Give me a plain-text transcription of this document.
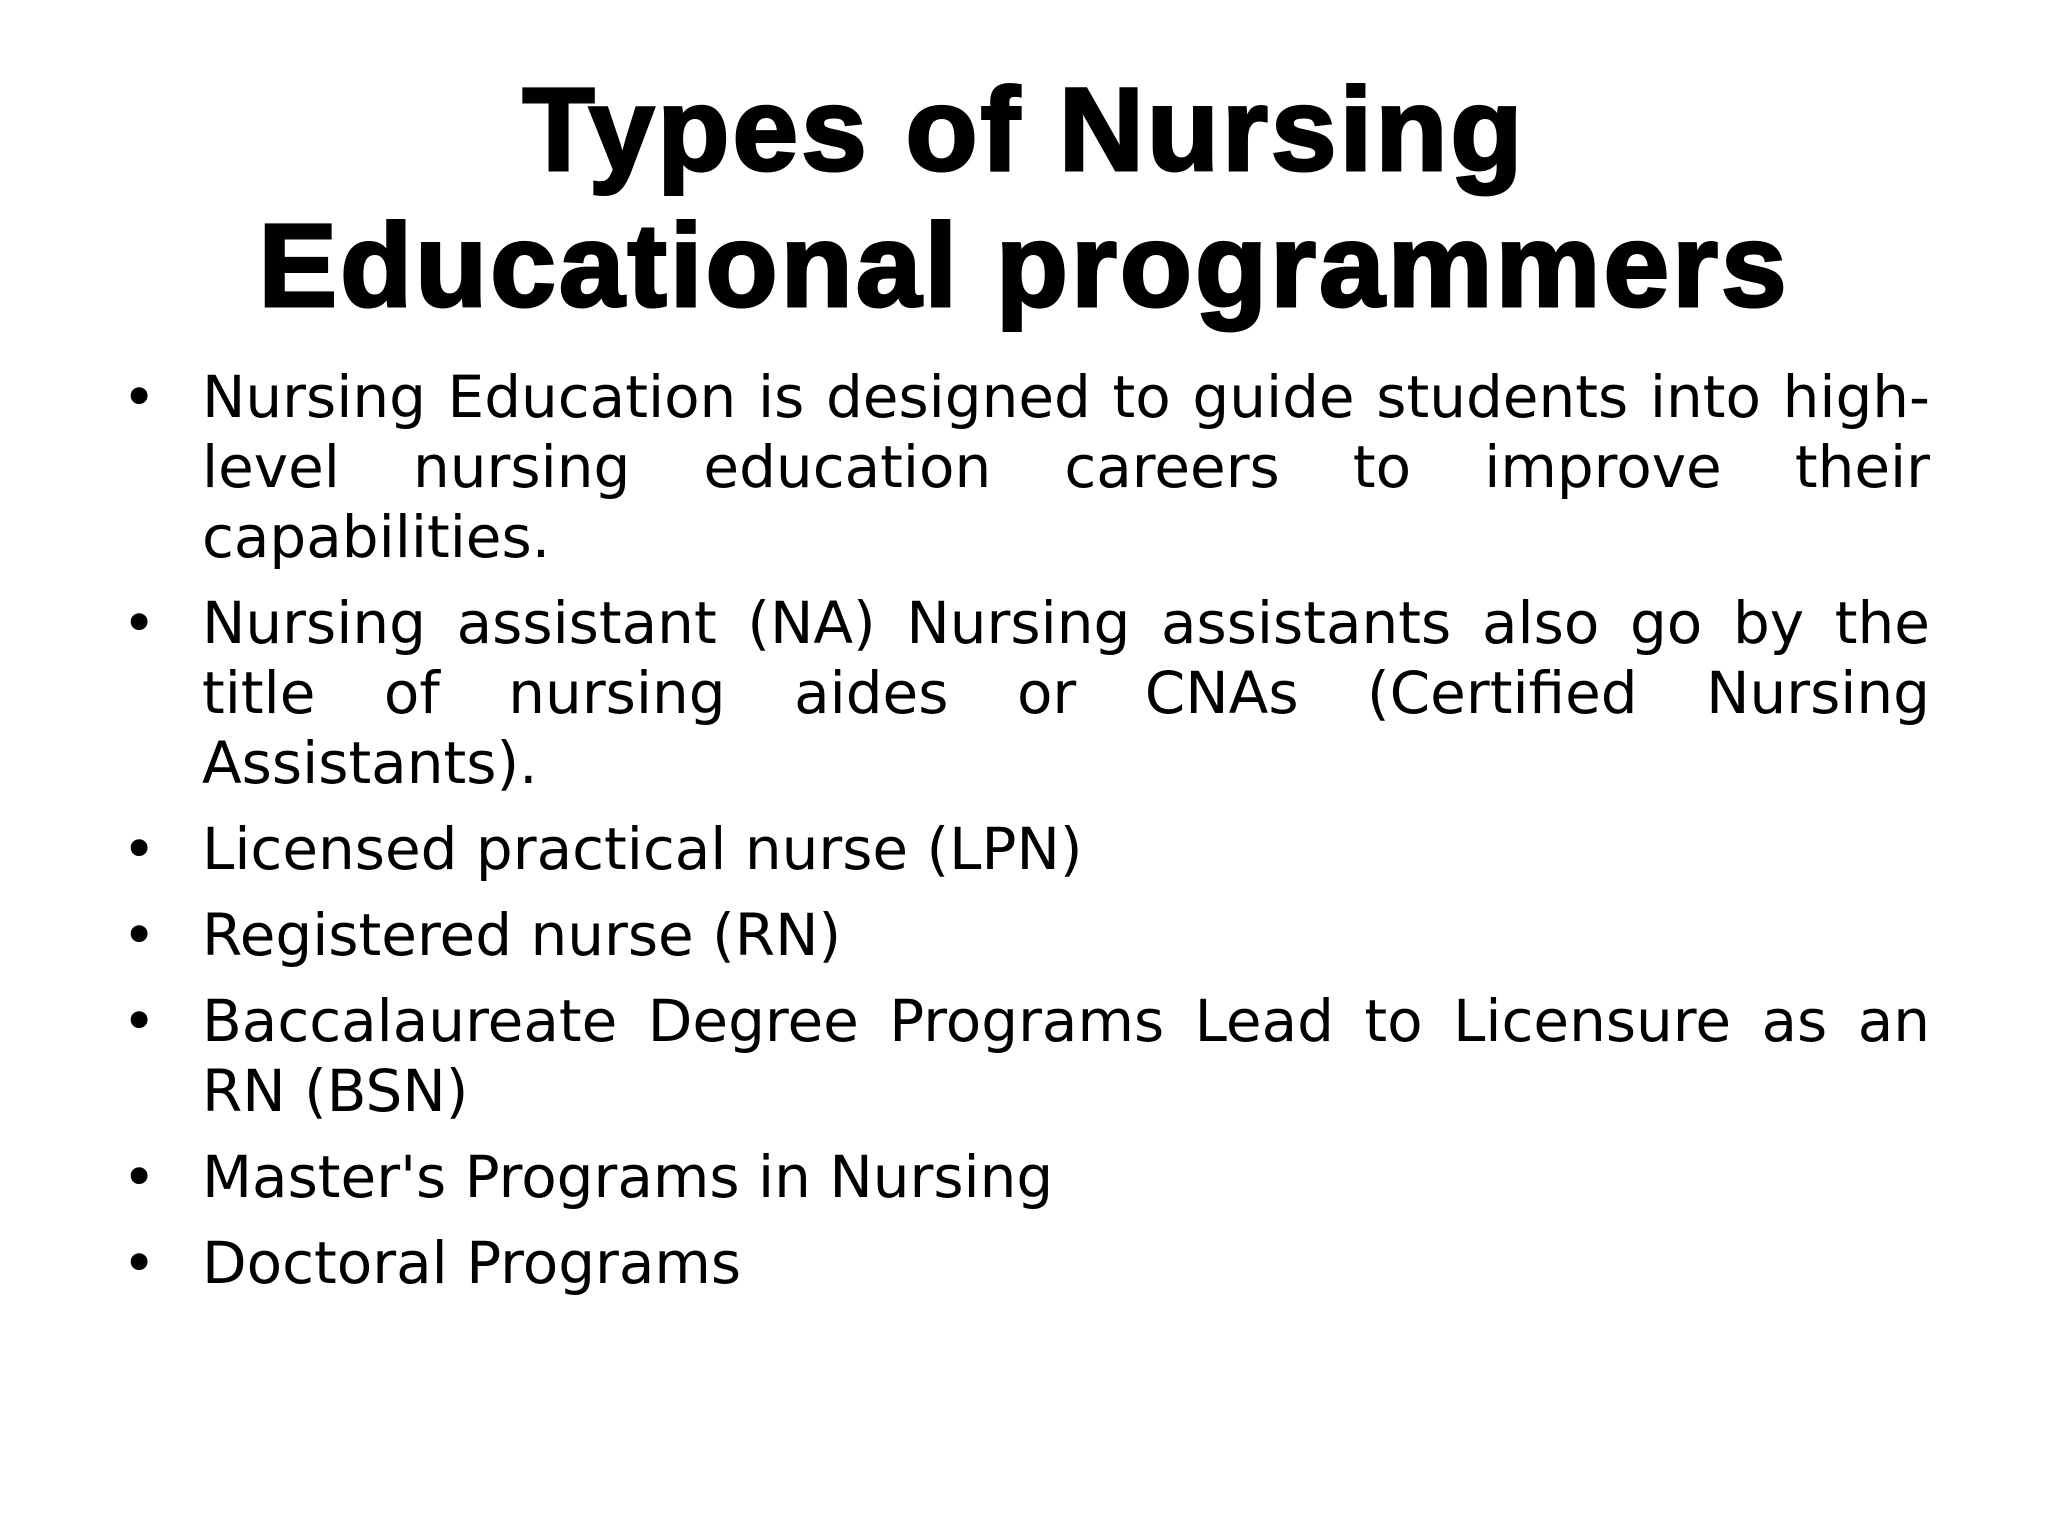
Types of Nursing
Educational programmers
• Nursing Education is designed to guide students into high-level nursing education careers to improve their capabilities.
• Nursing assistant (NA) Nursing assistants also go by the title of nursing aides or CNAs (Certified Nursing Assistants).
• Licensed practical nurse (LPN)
• Registered nurse (RN)
• Baccalaureate Degree Programs Lead to Licensure as an RN (BSN)
• Master's Programs in Nursing
• Doctoral Programs
